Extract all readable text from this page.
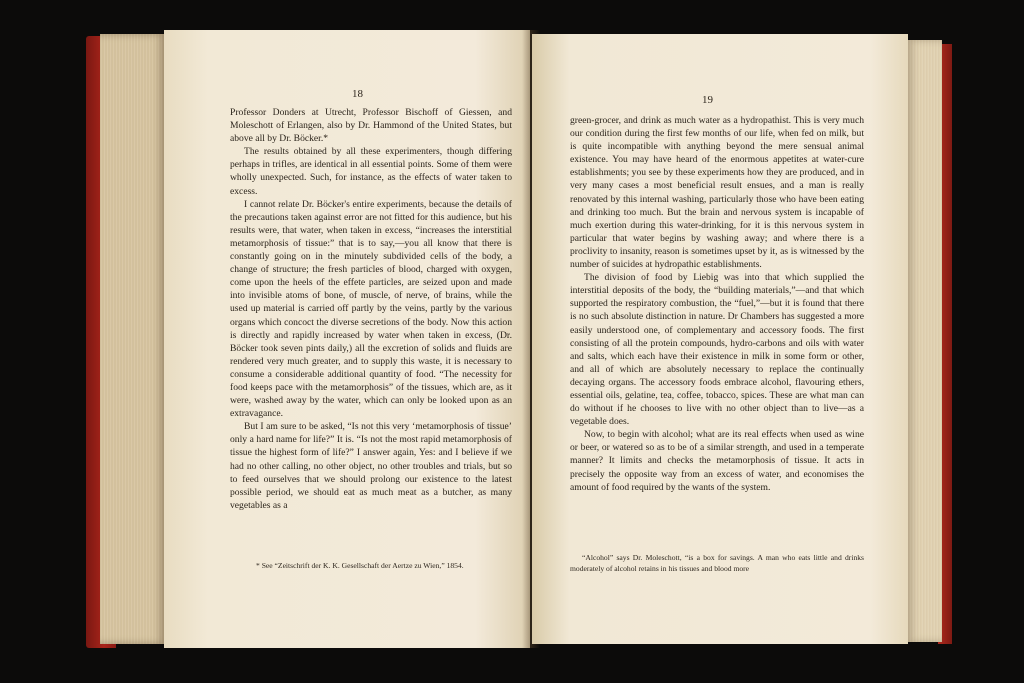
18

Professor Donders at Utrecht, Professor Bischoff of Giessen, and Moleschott of Erlangen, also by Dr. Hammond of the United States, but above all by Dr. Böcker.*

The results obtained by all these experimenters, though differing perhaps in trifles, are identical in all essential points. Some of them were wholly unexpected. Such, for instance, as the effects of water taken to excess.

I cannot relate Dr. Böcker's entire experiments, because the details of the precautions taken against error are not fitted for this audience, but his results were, that water, when taken in excess, “increases the interstitial metamorphosis of tissue:” that is to say,—you all know that there is constantly going on in the minutely subdivided cells of the body, a change of structure; the fresh particles of blood, charged with oxygen, come upon the heels of the effete particles, are seized upon and made into invisible atoms of bone, of muscle, of nerve, of brains, while the used up material is carried off partly by the veins, partly by the various organs which concoct the diverse secretions of the body. Now this action is directly and rapidly increased by water when taken in excess, (Dr. Böcker took seven pints daily,) all the excretion of solids and fluids are rendered very much greater, and to supply this waste, it is necessary to consume a considerable additional quantity of food. “The necessity for food keeps pace with the metamorphosis” of the tissues, which are, as it were, washed away by the water, which can only be looked upon as an extravagance.

But I am sure to be asked, “Is not this very ‘metamorphosis of tissue’ only a hard name for life?” It is. “Is not the most rapid metamorphosis of tissue the highest form of life?” I answer again, Yes: and I believe if we had no other calling, no other object, no other troubles and trials, but so to feed ourselves that we should prolong our existence to the latest possible period, we should eat as much meat as a butcher, as many vegetables as a

* See “Zeitschrift der K. K. Gesellschaft der Aertze zu Wien,” 1854.

19

green-grocer, and drink as much water as a hydropathist. This is very much our condition during the first few months of our life, when fed on milk, but is quite incompatible with anything beyond the mere sensual animal existence. You may have heard of the enormous appetites at water-cure establishments; you see by these experiments how they are produced, and in very many cases a most beneficial result ensues, and a man is really renovated by this internal washing, particularly those who have been eating and drinking too much. But the brain and nervous system is incapable of much exertion during this water-drinking, for it is this nervous system in particular that water begins by washing away; and where there is a proclivity to insanity, reason is sometimes upset by it, as is witnessed by the number of suicides at hydropathic establishments.

The division of food by Liebig was into that which supplied the interstitial deposits of the body, the “building materials,”—and that which supported the respiratory combustion, the “fuel,”—but it is found that there is no such absolute distinction in nature. Dr Chambers has suggested a more easily understood one, of complementary and accessory foods. The first consisting of all the protein compounds, hydro-carbons and oils with water and salts, which each have their existence in milk in some form or other, and all of which are absolutely necessary to replace the continually decaying organs. The accessory foods embrace alcohol, flavouring ethers, essential oils, gelatine, tea, coffee, tobacco, spices. These are what man can do without if he chooses to live with no other object than to live—as a vegetable does.

Now, to begin with alcohol; what are its real effects when used as wine or beer, or watered so as to be of a similar strength, and used in a temperate manner? It limits and checks the metamorphosis of tissue. It acts in precisely the opposite way from an excess of water, and economises the amount of food required by the wants of the system.

“Alcohol” says Dr. Moleschott, “is a box for savings. A man who eats little and drinks moderately of alcohol retains in his tissues and blood more
